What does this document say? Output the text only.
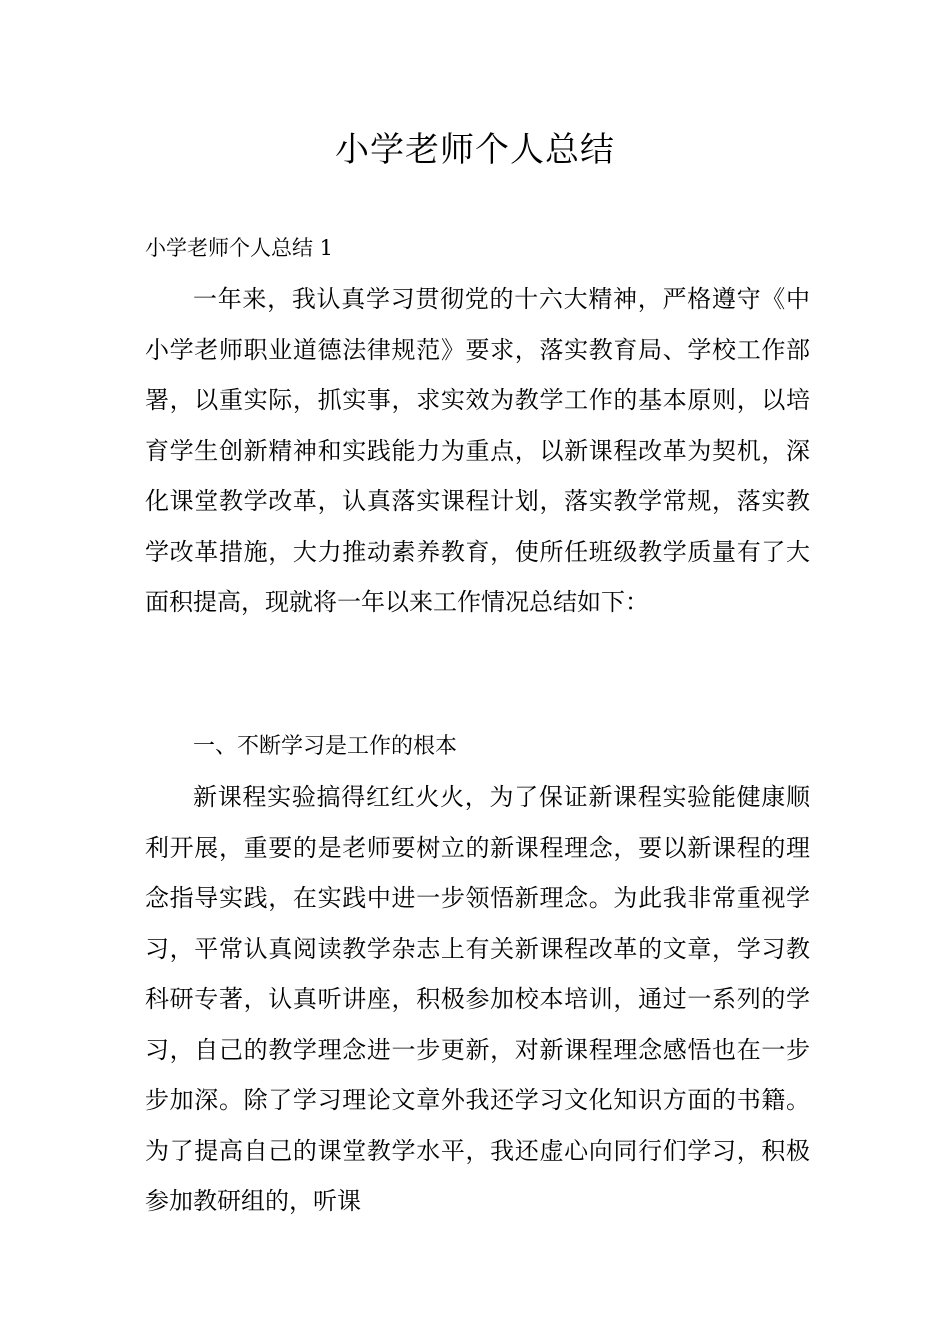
小学老师个人总结
小学老师个人总结 1

一年来，我认真学习贯彻党的十六大精神，严格遵守《中小学老师职业道德法律规范》要求，落实教育局、学校工作部署，以重实际，抓实事，求实效为教学工作的基本原则，以培育学生创新精神和实践能力为重点，以新课程改革为契机，深化课堂教学改革，认真落实课程计划，落实教学常规，落实教学改革措施，大力推动素养教育，使所任班级教学质量有了大面积提高，现就将一年以来工作情况总结如下：

一、不断学习是工作的根本

新课程实验搞得红红火火，为了保证新课程实验能健康顺利开展，重要的是老师要树立的新课程理念，要以新课程的理念指导实践，在实践中进一步领悟新理念。为此我非常重视学习，平常认真阅读教学杂志上有关新课程改革的文章，学习教科研专著，认真听讲座，积极参加校本培训，通过一系列的学习，自己的教学理念进一步更新，对新课程理念感悟也在一步步加深。除了学习理论文章外我还学习文化知识方面的书籍。为了提高自己的课堂教学水平，我还虚心向同行们学习，积极参加教研组的，听课
